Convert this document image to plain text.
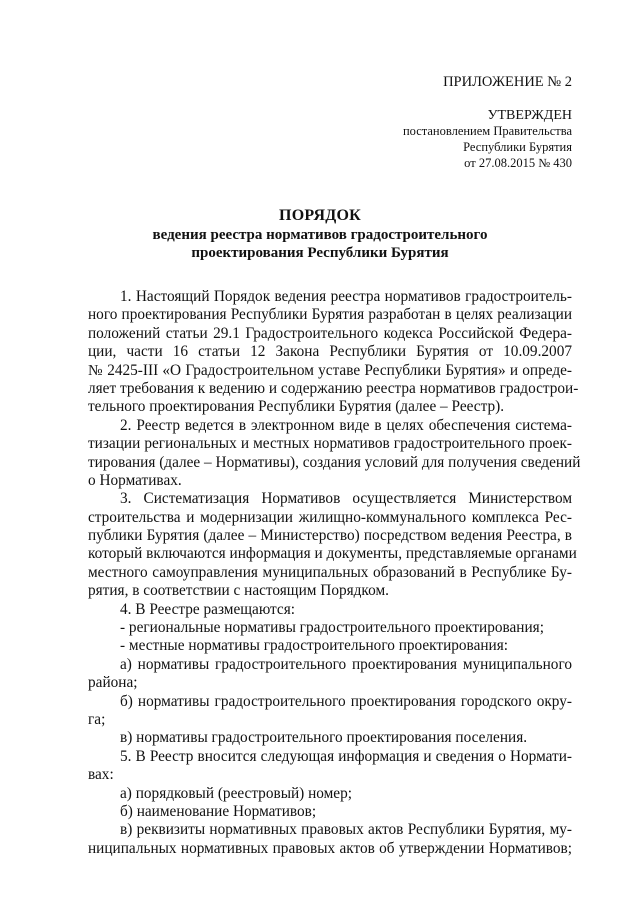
ПРИЛОЖЕНИЕ № 2
УТВЕРЖДЕН
постановлением Правительства
Республики Бурятия
от 27.08.2015 № 430
ПОРЯДОК
ведения реестра нормативов градостроительного
проектирования Республики Бурятия
1. Настоящий Порядок ведения реестра нормативов градостроитель-
ного проектирования Республики Бурятия разработан в целях реализации
положений статьи 29.1 Градостроительного кодекса Российской Федера-
ции, части 16 статьи 12 Закона Республики Бурятия от 10.09.2007
№ 2425-III «О Градостроительном уставе Республики Бурятия» и опреде-
ляет требования к ведению и содержанию реестра нормативов градострои-
тельного проектирования Республики Бурятия (далее – Реестр).
2. Реестр ведется в электронном виде в целях обеспечения система-
тизации региональных и местных нормативов градостроительного проек-
тирования (далее – Нормативы), создания условий для получения сведений
о Нормативах.
3. Систематизация Нормативов осуществляется Министерством
строительства и модернизации жилищно-коммунального комплекса Рес-
публики Бурятия (далее – Министерство) посредством ведения Реестра, в
который включаются информация и документы, представляемые органами
местного самоуправления муниципальных образований в Республике Бу-
рятия, в соответствии с настоящим Порядком.
4. В Реестре размещаются:
- региональные нормативы градостроительного проектирования;
- местные нормативы градостроительного проектирования:
а) нормативы градостроительного проектирования муниципального
района;
б) нормативы градостроительного проектирования городского окру-
га;
в) нормативы градостроительного проектирования поселения.
5. В Реестр вносится следующая информация и сведения о Нормати-
вах:
а) порядковый (реестровый) номер;
б) наименование Нормативов;
в) реквизиты нормативных правовых актов Республики Бурятия, му-
ниципальных нормативных правовых актов об утверждении Нормативов;
